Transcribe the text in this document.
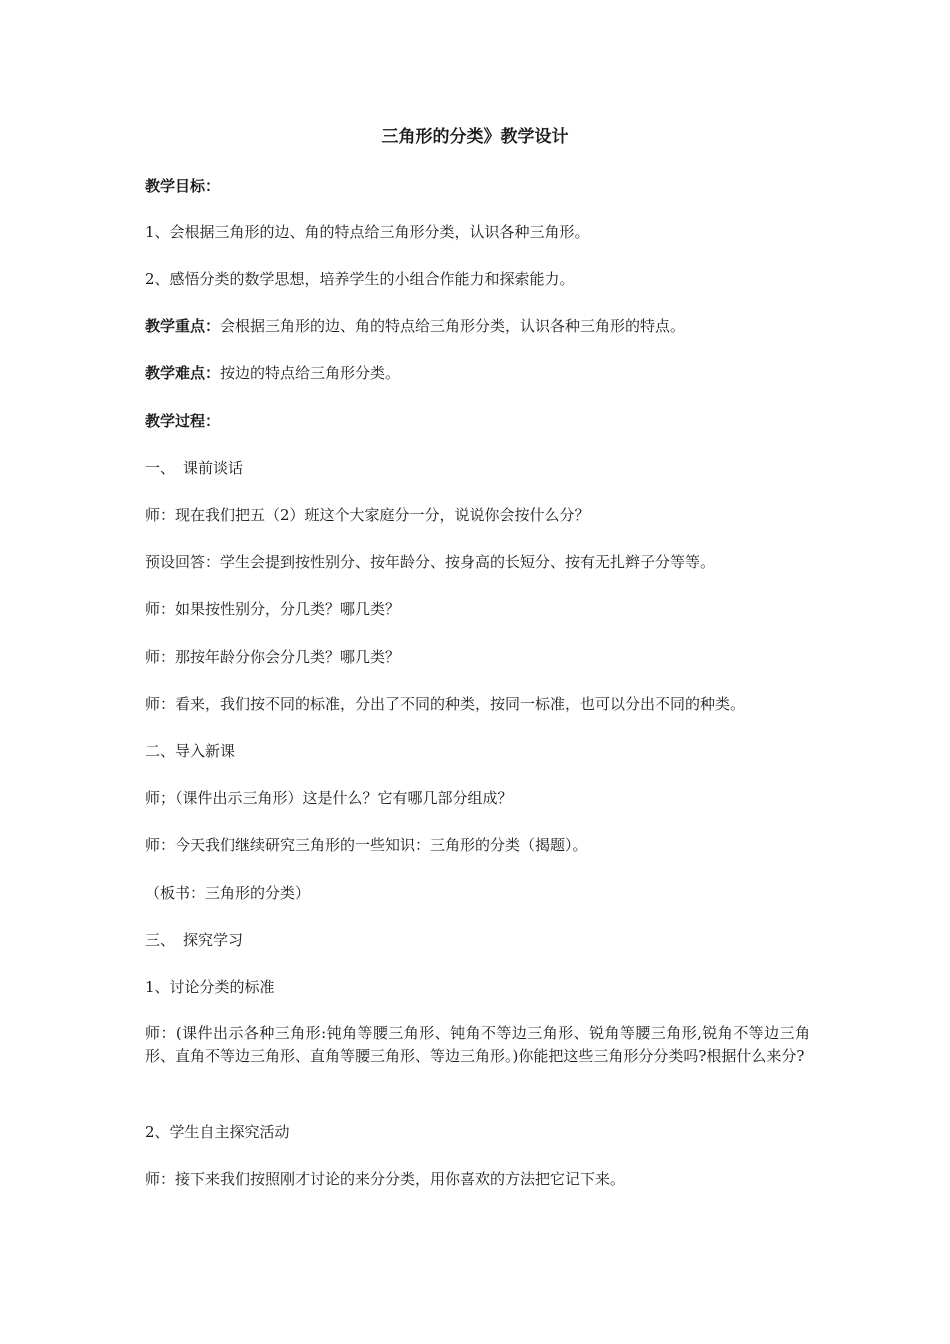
三角形的分类》教学设计

教学目标：

1、会根据三角形的边、角的特点给三角形分类，认识各种三角形。

2、感悟分类的数学思想，培养学生的小组合作能力和探索能力。

教学重点：会根据三角形的边、角的特点给三角形分类，认识各种三角形的特点。

教学难点：按边的特点给三角形分类。

教学过程：

一、 课前谈话

师：现在我们把五（2）班这个大家庭分一分，说说你会按什么分？

预设回答：学生会提到按性别分、按年龄分、按身高的长短分、按有无扎辫子分等等。

师：如果按性别分，分几类？哪几类？

师：那按年龄分你会分几类？哪几类？

师：看来，我们按不同的标准，分出了不同的种类，按同一标准，也可以分出不同的种类。

二、导入新课

师；（课件出示三角形）这是什么？它有哪几部分组成？

师：今天我们继续研究三角形的一些知识：三角形的分类（揭题）。

（板书：三角形的分类）

三、 探究学习

1、讨论分类的标准

师：(课件出示各种三角形:钝角等腰三角形、钝角不等边三角形、锐角等腰三角形,锐角不等边三角形、直角不等边三角形、直角等腰三角形、等边三角形。)你能把这些三角形分分类吗?根据什么来分?

2、学生自主探究活动

师：接下来我们按照刚才讨论的来分分类，用你喜欢的方法把它记下来。
